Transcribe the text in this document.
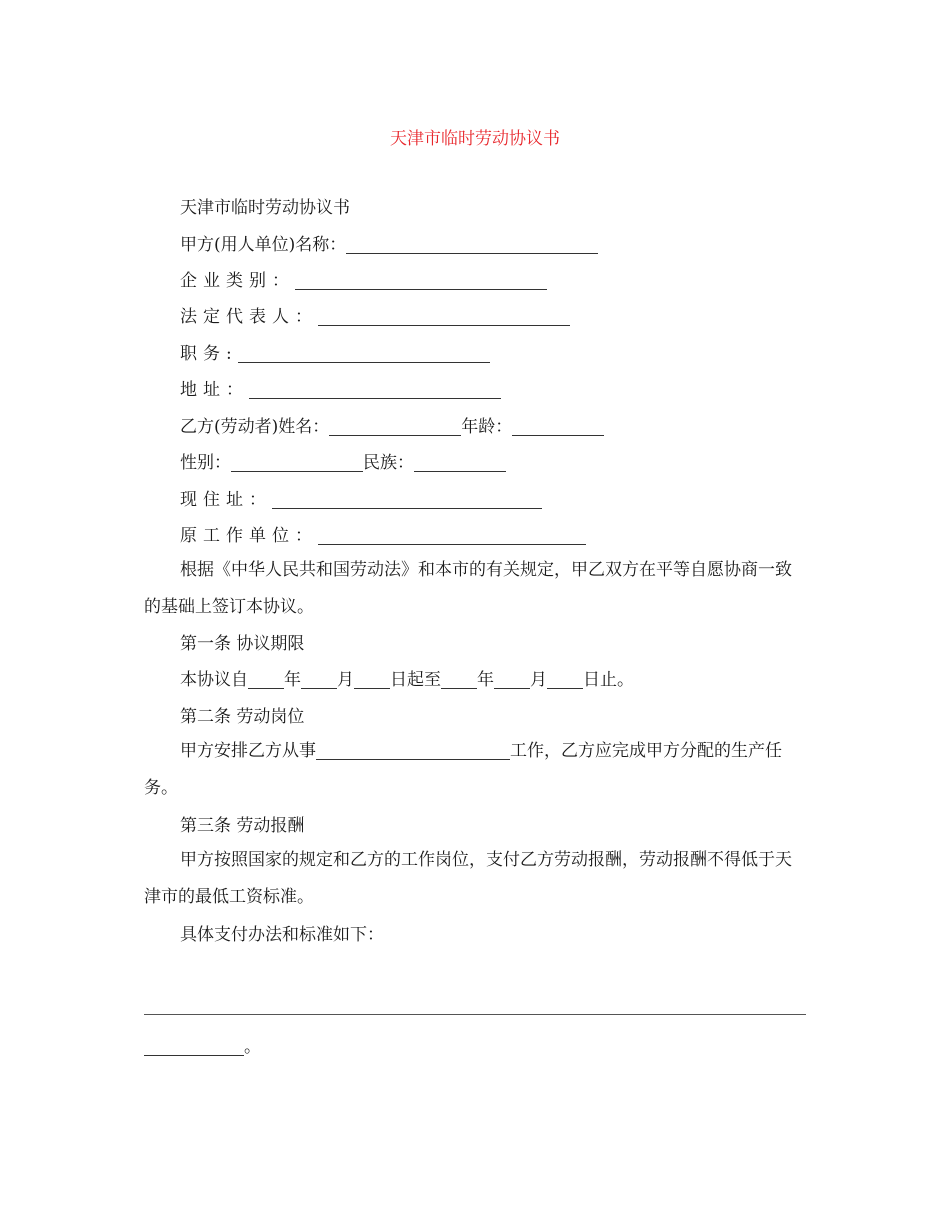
天津市临时劳动协议书
天津市临时劳动协议书
甲方(用人单位)名称：
企业类别：
法定代表人：
职务:
地址：
乙方(劳动者)姓名：	年龄：
性别：	民族：
现住址：
原工作单位：
根据《中华人民共和国劳动法》和本市的有关规定，甲乙双方在平等自愿协商一致的基础上签订本协议。
第一条 协议期限
本协议自 年 月 日起至 年 月 日止。
第二条 劳动岗位
甲方安排乙方从事	工作，乙方应完成甲方分配的生产任务。
第三条 劳动报酬
甲方按照国家的规定和乙方的工作岗位，支付乙方劳动报酬，劳动报酬不得低于天津市的最低工资标准。
具体支付办法和标准如下：
。
